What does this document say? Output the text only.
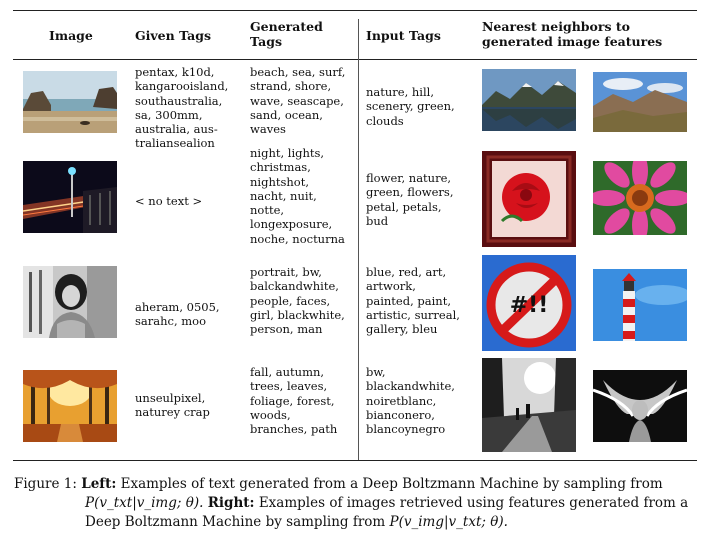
Image	Given Tags
Generated
Tags	Input Tags
Nearest neighbors to
generated image features
pentax, k10d,
kangarooisland,
southaustralia,
sa, 300mm,
australia, aus-
traliansealion
beach, sea, surf,
strand, shore,
wave, seascape,
sand, ocean,
waves
nature, hill,
scenery, green,
clouds
< no text >
night, lights,
christmas,
nightshot,
nacht, nuit,
notte,
longexposure,
noche, nocturna
flower, nature,
green, flowers,
petal, petals,
bud
aheram, 0505,
sarahc, moo
portrait, bw,
balckandwhite,
people, faces,
girl, blackwhite,
person, man
blue, red, art,
artwork,
painted, paint,
artistic, surreal,
gallery, bleu
#!!
unseulpixel,
naturey crap
fall, autumn,
trees, leaves,
foliage, forest,
woods,
branches, path
bw,
blackandwhite,
noiretblanc,
bianconero,
blancoynegro
Figure 1: Left: Examples of text generated from a Deep Boltzmann Machine by sampling from
P(v_txt|v_img; θ). Right: Examples of images retrieved using features generated from a
Deep Boltzmann Machine by sampling from P(v_img|v_txt; θ).
